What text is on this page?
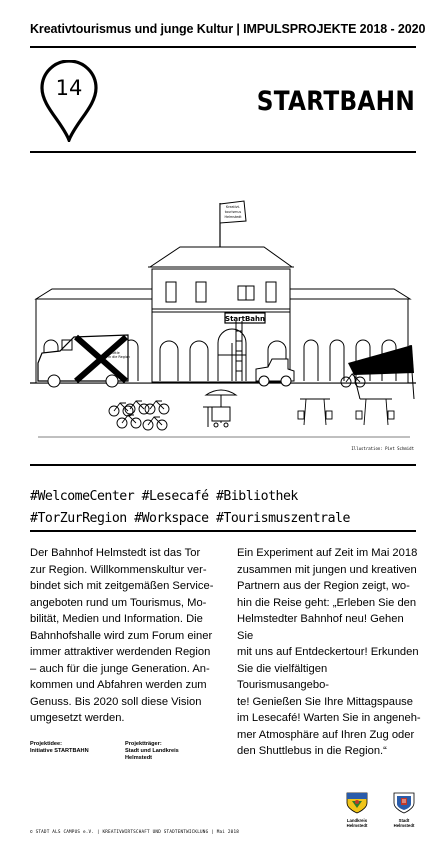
Kreativtourismus und junge Kultur | IMPULSPROJEKTE 2018 - 2020
14	STARTBAHN
Kreativt.
tourismus
Helmstedt
StartBahn
shuttle
in die Region
Illustration: Piet Schmidt
#WelcomeCenter #Lesecafé #Bibliothek
#TorZurRegion #Workspace #Tourismuszentrale

Der Bahnhof Helmstedt ist das Tor

zur Region. Willkommenskultur ver-

bindet sich mit zeitgemäßen Service-

angeboten rund um Tourismus, Mo-

bilität, Medien und Information. Die

Bahnhofshalle wird zum Forum einer

immer attraktiver werdenden Region

– auch für die junge Generation. An-

kommen und Abfahren werden zum

Genuss. Bis 2020 soll diese Vision

umgesetzt werden.

Ein Experiment auf Zeit im Mai 2018

zusammen mit jungen und kreativen

Partnern aus der Region zeigt, wo-

hin die Reise geht: „Erleben Sie den

Helmstedter Bahnhof neu! Gehen Sie

mit uns auf Entdeckertour! Erkunden

Sie die vielfältigen Tourismusangebo-

te! Genießen Sie Ihre Mittagspause

im Lesecafé! Warten Sie in angeneh-

mer Atmosphäre auf Ihren Zug oder

den Shuttlebus in die Region.“

Projektidee:
Initiative STARTBAHN
Projektträger:
Stadt und Landkreis
Helmstedt
Landkreis
Helmstedt
Stadt
Helmstedt
© STADT ALS CAMPUS e.V. | KREATIVWIRTSCHAFT UND STADTENTWICKLUNG | Mai 2018
